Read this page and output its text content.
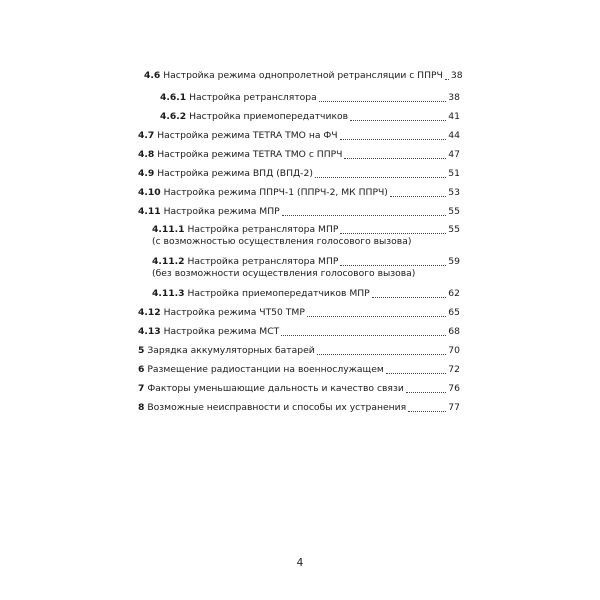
4.6 Настройка режима однопролетной ретрансляции с ППРЧ 38
4.6.1 Настройка ретранслятора	38
4.6.2 Настройка приемопередатчиков	41
4.7 Настройка режима TETRA TMO на ФЧ	44
4.8 Настройка режима TETRA TMO с ППРЧ	47
4.9 Настройка режима ВПД (ВПД-2)	51
4.10 Настройка режима ППРЧ-1 (ППРЧ-2, МК ППРЧ)	53
4.11 Настройка режима МПР	55
4.11.1 Настройка ретранслятора МПР	55
(с возможностью осуществления голосового вызова)
4.11.2 Настройка ретранслятора МПР	59
(без возможности осуществления голосового вызова)
4.11.3 Настройка приемопередатчиков МПР	62
4.12 Настройка режима ЧТ50 ТМР	65
4.13 Настройка режима МСТ	68
5 Зарядка аккумуляторных батарей	70
6 Размещение радиостанции на военнослужащем	72
7 Факторы уменьшающие дальность и качество связи	76
8 Возможные неисправности и способы их устранения	77
4
